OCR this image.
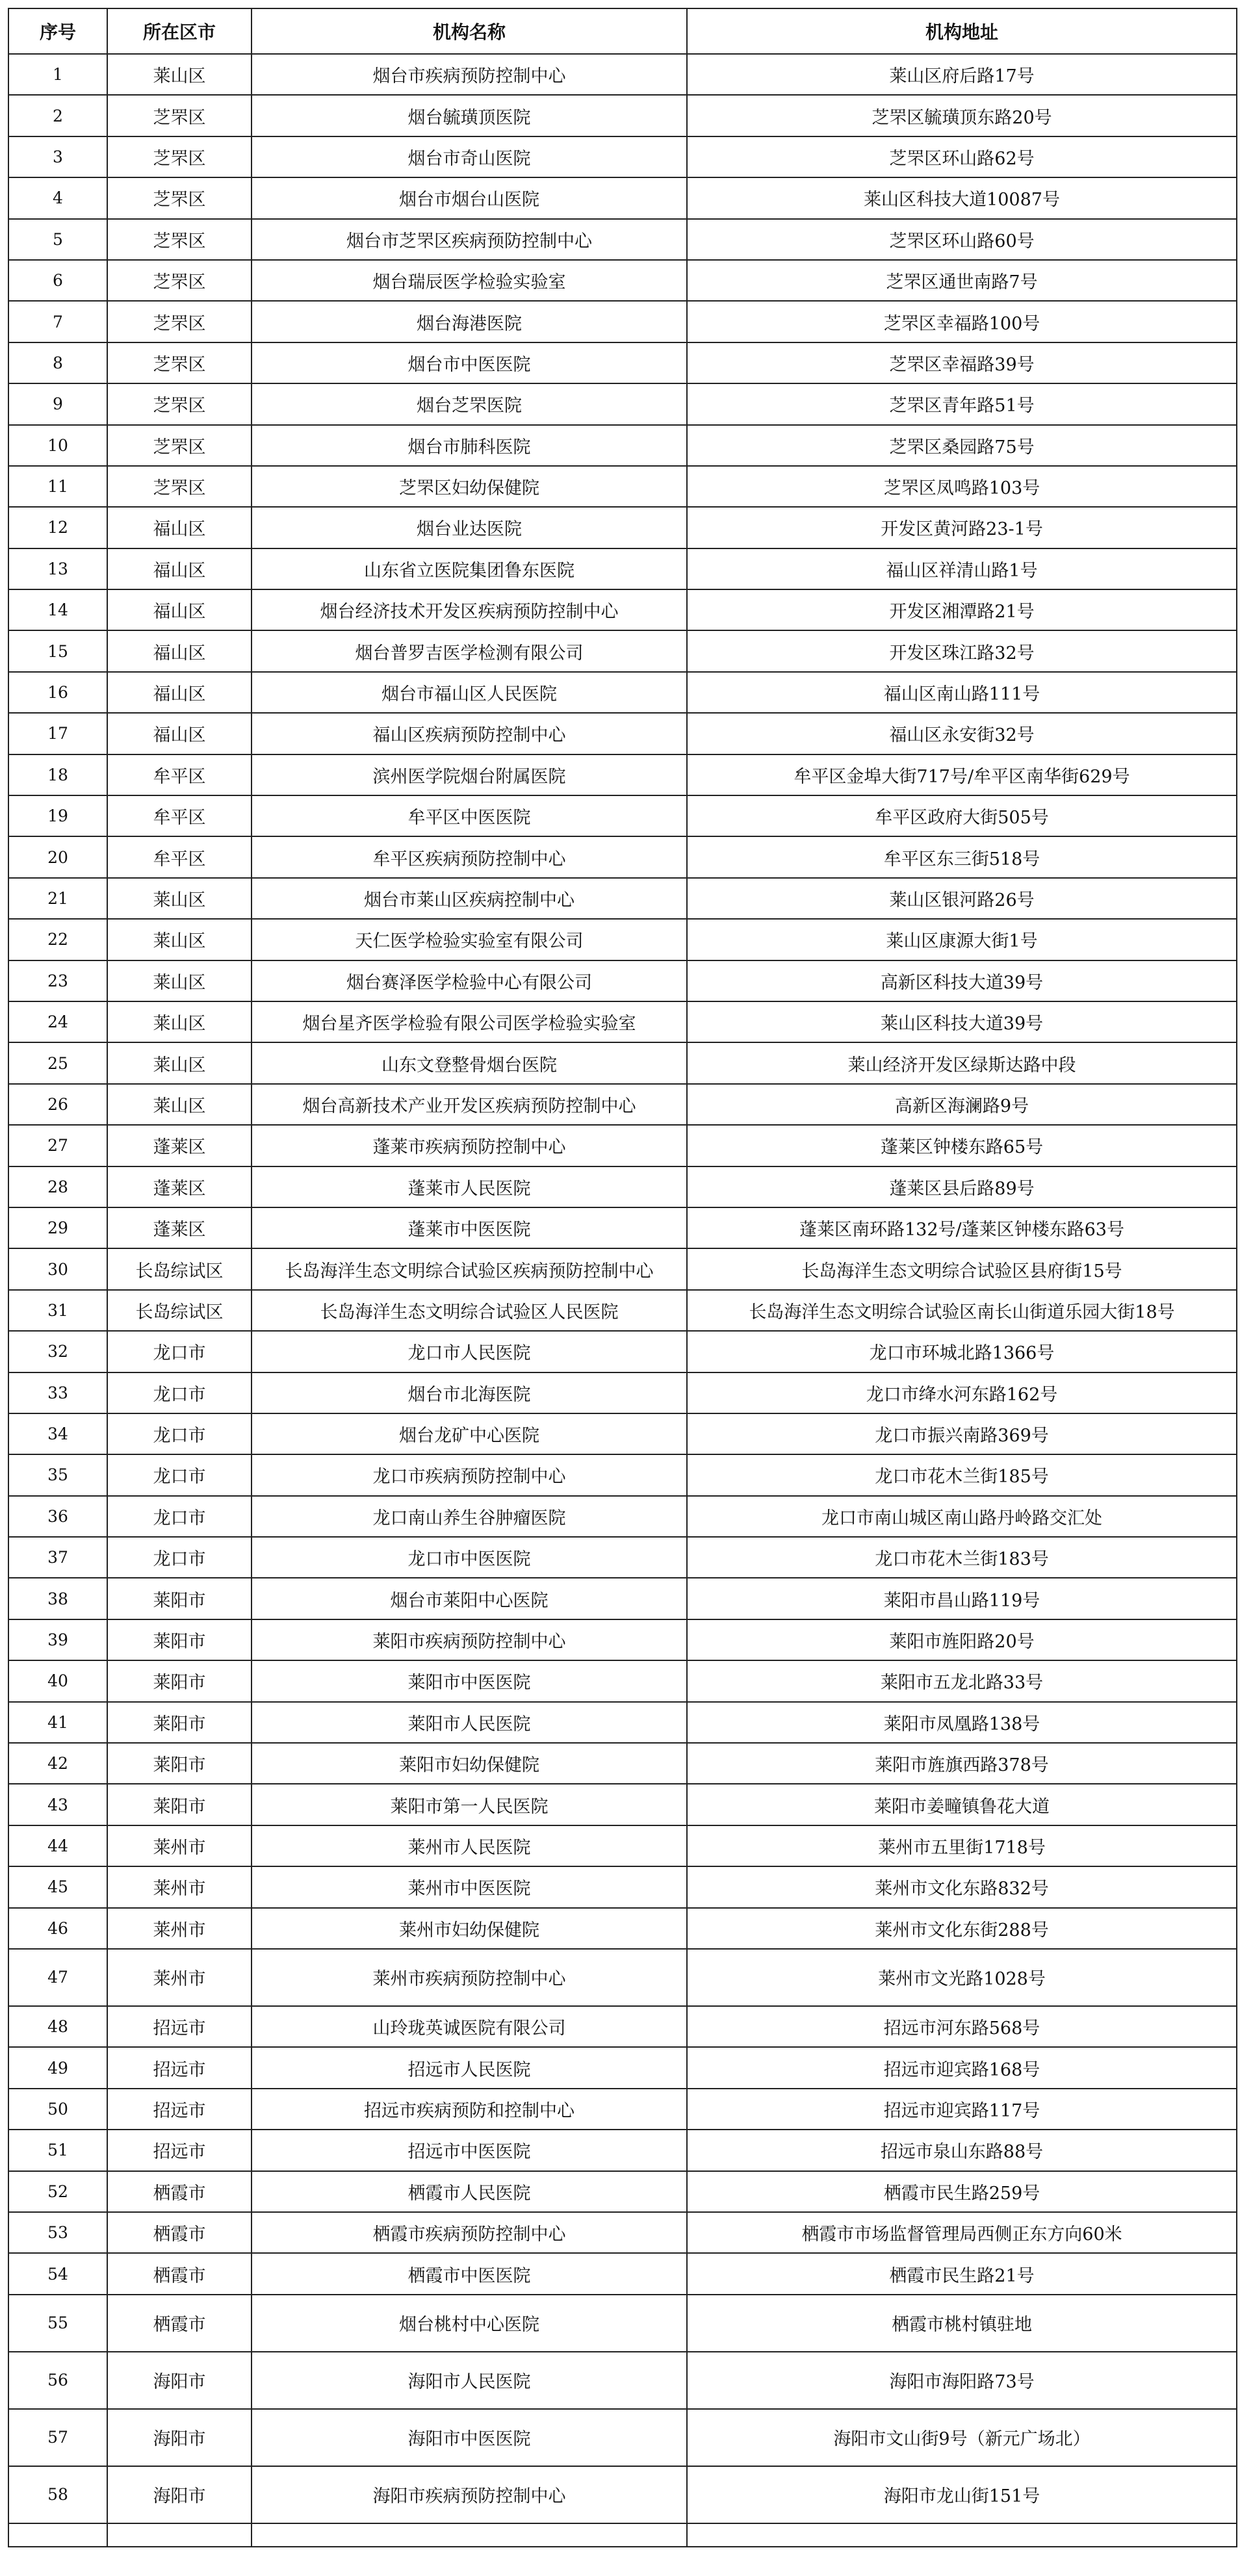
序号	所在区市	机构名称	机构地址
1	莱山区	烟台市疾病预防控制中心	莱山区府后路17号
2	芝罘区	烟台毓璜顶医院	芝罘区毓璜顶东路20号
3	芝罘区	烟台市奇山医院	芝罘区环山路62号
4	芝罘区	烟台市烟台山医院	莱山区科技大道10087号
5	芝罘区	烟台市芝罘区疾病预防控制中心	芝罘区环山路60号
6	芝罘区	烟台瑞辰医学检验实验室	芝罘区通世南路7号
7	芝罘区	烟台海港医院	芝罘区幸福路100号
8	芝罘区	烟台市中医医院	芝罘区幸福路39号
9	芝罘区	烟台芝罘医院	芝罘区青年路51号
10	芝罘区	烟台市肺科医院	芝罘区桑园路75号
11	芝罘区	芝罘区妇幼保健院	芝罘区凤鸣路103号
12	福山区	烟台业达医院	开发区黄河路23-1号
13	福山区	山东省立医院集团鲁东医院	福山区祥清山路1号
14	福山区	烟台经济技术开发区疾病预防控制中心	开发区湘潭路21号
15	福山区	烟台普罗吉医学检测有限公司	开发区珠江路32号
16	福山区	烟台市福山区人民医院	福山区南山路111号
17	福山区	福山区疾病预防控制中心	福山区永安街32号
18	牟平区	滨州医学院烟台附属医院	牟平区金埠大街717号/牟平区南华街629号
19	牟平区	牟平区中医医院	牟平区政府大街505号
20	牟平区	牟平区疾病预防控制中心	牟平区东三街518号
21	莱山区	烟台市莱山区疾病控制中心	莱山区银河路26号
22	莱山区	天仁医学检验实验室有限公司	莱山区康源大街1号
23	莱山区	烟台赛泽医学检验中心有限公司	高新区科技大道39号
24	莱山区	烟台星齐医学检验有限公司医学检验实验室	莱山区科技大道39号
25	莱山区	山东文登整骨烟台医院	莱山经济开发区绿斯达路中段
26	莱山区	烟台高新技术产业开发区疾病预防控制中心	高新区海澜路9号
27	蓬莱区	蓬莱市疾病预防控制中心	蓬莱区钟楼东路65号
28	蓬莱区	蓬莱市人民医院	蓬莱区县后路89号
29	蓬莱区	蓬莱市中医医院	蓬莱区南环路132号/蓬莱区钟楼东路63号
30	长岛综试区	长岛海洋生态文明综合试验区疾病预防控制中心	长岛海洋生态文明综合试验区县府街15号
31	长岛综试区	长岛海洋生态文明综合试验区人民医院	长岛海洋生态文明综合试验区南长山街道乐园大街18号
32	龙口市	龙口市人民医院	龙口市环城北路1366号
33	龙口市	烟台市北海医院	龙口市绛水河东路162号
34	龙口市	烟台龙矿中心医院	龙口市振兴南路369号
35	龙口市	龙口市疾病预防控制中心	龙口市花木兰街185号
36	龙口市	龙口南山养生谷肿瘤医院	龙口市南山城区南山路丹岭路交汇处
37	龙口市	龙口市中医医院	龙口市花木兰街183号
38	莱阳市	烟台市莱阳中心医院	莱阳市昌山路119号
39	莱阳市	莱阳市疾病预防控制中心	莱阳市旌阳路20号
40	莱阳市	莱阳市中医医院	莱阳市五龙北路33号
41	莱阳市	莱阳市人民医院	莱阳市凤凰路138号
42	莱阳市	莱阳市妇幼保健院	莱阳市旌旗西路378号
43	莱阳市	莱阳市第一人民医院	莱阳市姜疃镇鲁花大道
44	莱州市	莱州市人民医院	莱州市五里街1718号
45	莱州市	莱州市中医医院	莱州市文化东路832号
46	莱州市	莱州市妇幼保健院	莱州市文化东街288号
47	莱州市	莱州市疾病预防控制中心	莱州市文光路1028号
48	招远市	山玲珑英诚医院有限公司	招远市河东路568号
49	招远市	招远市人民医院	招远市迎宾路168号
50	招远市	招远市疾病预防和控制中心	招远市迎宾路117号
51	招远市	招远市中医医院	招远市泉山东路88号
52	栖霞市	栖霞市人民医院	栖霞市民生路259号
53	栖霞市	栖霞市疾病预防控制中心	栖霞市市场监督管理局西侧正东方向60米
54	栖霞市	栖霞市中医医院	栖霞市民生路21号
55	栖霞市	烟台桃村中心医院	栖霞市桃村镇驻地
56	海阳市	海阳市人民医院	海阳市海阳路73号
57	海阳市	海阳市中医医院	海阳市文山街9号（新元广场北）
58	海阳市	海阳市疾病预防控制中心	海阳市龙山街151号
